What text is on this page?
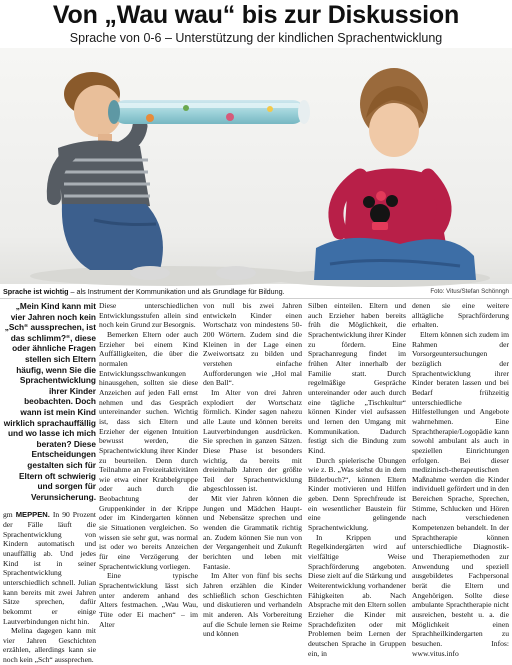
Von „Wau wau“ bis zur Diskussion
Sprache von 0-6 – Unterstützung der kindlichen Sprachentwicklung
Sprache ist wichtig – als Instrument der Kommunikation und als Grundlage für Bildung.	Foto: Vitus/Stefan Schönngh

„Mein Kind kann mit vier Jahren noch kein „Sch“ aussprechen, ist das schlimm?“, diese oder ähnliche Fragen stellen sich Eltern häufig, wenn Sie die Sprachentwicklung ihrer Kinder beobachten. Doch wann ist mein Kind wirklich sprachauffällig und wo lasse ich mich beraten? Diese Entscheidungen gestalten sich für Eltern oft schwierig und sorgen für Verunsicherung.

gm MEPPEN. In 90 Prozent der Fälle läuft die Sprachentwicklung von Kindern automatisch und unauffällig ab. Und jedes Kind ist in seiner Sprachentwicklung unterschiedlich schnell. Julian kann bereits mit zwei Jahren Sätze sprechen, dafür bekommt er einige Lautverbindungen nicht hin.

Melina dagegen kann mit vier Jahren Geschichten erzählen, allerdings kann sie noch kein „Sch“ aussprechen.

Diese unterschiedlichen Entwicklungsstufen allein sind noch kein Grund zur Besorgnis.

Bemerken Eltern oder auch Erzieher bei einem Kind Auffälligkeiten, die über die normalen Entwicklungsschwankungen hinausgehen, sollten sie diese Anzeichen auf jeden Fall ernst nehmen und das Gespräch untereinander suchen. Wichtig ist, dass sich Eltern und Erzieher der eigenen Intuition bewusst werden, die Sprachentwicklung ihrer Kinder zu beurteilen. Denn durch Teilnahme an Freizeitaktivitäten wie etwa einer Krabbelgruppe oder auch durch die Beobachtung der Gruppenkinder in der Krippe oder im Kindergarten können sie Situationen vergleichen. So wissen sie sehr gut, was normal ist oder wo bereits Anzeichen für eine Verzögerung der Sprachentwicklung vorliegen.

Eine typische Sprachentwicklung lässt sich unter anderem anhand des Alters festmachen. „Wau Wau, Tüte oder Ei machen“ – im Alter

von null bis zwei Jahren entwickeln Kinder einen Wortschatz von mindestens 50-200 Wörtern. Zudem sind die Kleinen in der Lage einen Zweiwortsatz zu bilden und verstehen einfache Aufforderungen wie „Hol mal den Ball“.

Im Alter von drei Jahren explodiert der Wortschatz förmlich. Kinder sagen nahezu alle Laute und können bereits Lautverbindungen ausdrücken. Sie sprechen in ganzen Sätzen. Diese Phase ist besonders wichtig, da bereits mit dreieinhalb Jahren der größte Teil der Sprachentwicklung abgeschlossen ist.

Mit vier Jahren können die Jungen und Mädchen Haupt- und Nebensätze sprechen und wenden die Grammatik richtig an. Zudem können Sie nun von der Vergangenheit und Zukunft berichten und leben mit Fantasie.

Im Alter von fünf bis sechs Jahren erzählen die Kinder schließlich schon Geschichten und diskutieren und verhandeln mit anderen. Als Vorbereitung auf die Schule lernen sie Reime und können

Silben einteilen. Eltern und auch Erzieher haben bereits früh die Möglichkeit, die Sprachentwicklung ihrer Kinder zu fördern. Eine Sprachanregung findet im frühen Alter innerhalb der Familie statt. Durch regelmäßige Gespräche untereinander oder auch durch eine tägliche „Tischkultur“ können Kinder viel aufsassen und lernen den Umgang mit Kommunikation. Dadurch festigt sich die Bindung zum Kind.

Durch spielerische Übungen wie z. B. „Was siehst du in dem Bilderbuch?“, können Eltern Kinder motivieren und Hilfen geben. Denn Sprechfreude ist ein wesentlicher Baustein für eine gelingende Sprachentwicklung.

In Krippen und Regelkindergärten wird auf vielfältige Weise Sprachförderung angeboten. Diese zielt auf die Stärkung und Weiterentwicklung vorhandener Fähigkeiten ab. Nach Absprache mit den Eltern sollen Erzieher die Kinder mit Sprachdefiziten oder mit Problemen beim Lernen der deutschen Sprache in Gruppen ein, in

denen sie eine weitere alltägliche Sprachförderung erhalten.

Eltern können sich zudem im Rahmen der Vorsorgeuntersuchungen bezüglich der Sprachentwicklung ihrer Kinder beraten lassen und bei Bedarf frühzeitig unterschiedliche Hilfestellungen und Angebote wahrnehmen. Eine Sprachtherapie/Logopädie kann sowohl ambulant als auch in speziellen Einrichtungen erfolgen. Bei dieser medizinisch-therapeutischen Maßnahme werden die Kinder individuell gefördert und in den Bereichen Sprache, Sprechen, Stimme, Schlucken und Hören nach verschiedenen Kompetenzen behandelt. In der Sprachtherapie können unterschiedliche Diagnostik- und Therapiemethoden zur Anwendung und speziell ausgebildetes Fachpersonal berät die Eltern und Angehörigen. Sollte diese ambulante Sprachtherapie nicht ausreichen, besteht u. a. die Möglichkeit einen Sprachheilkindergarten zu besuchen. Infos: www.vitus.info
